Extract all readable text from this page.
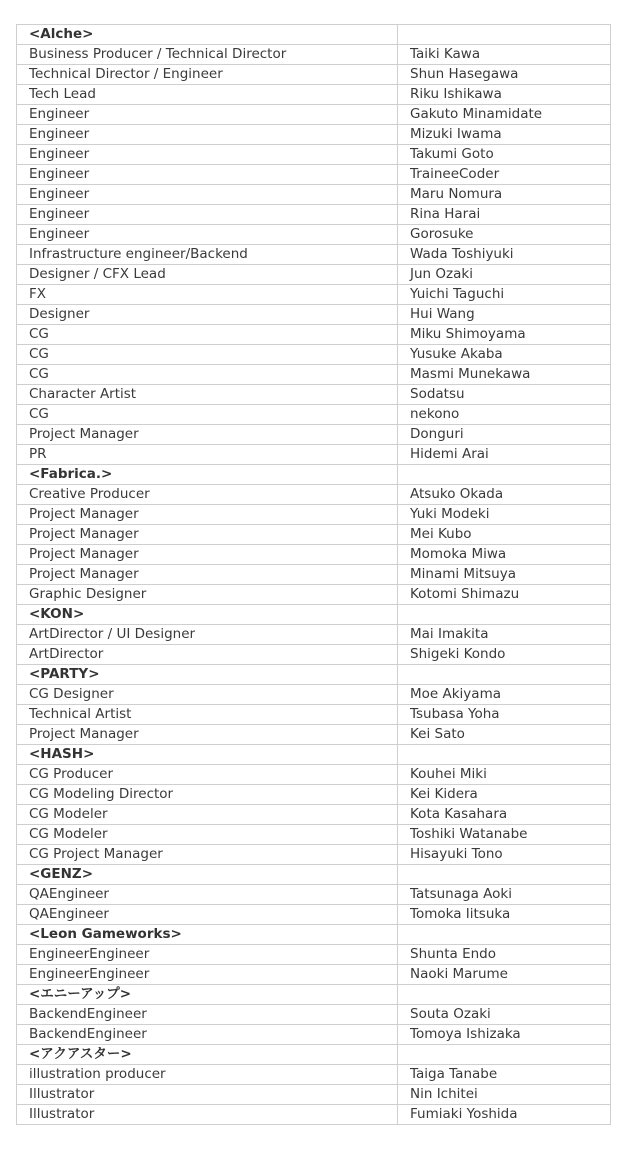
<Alche>	
Business Producer / Technical Director	Taiki Kawa
Technical Director / Engineer	Shun Hasegawa
Tech Lead	Riku Ishikawa
Engineer	Gakuto Minamidate
Engineer	Mizuki Iwama
Engineer	Takumi Goto
Engineer	TraineeCoder
Engineer	Maru Nomura
Engineer	Rina Harai
Engineer	Gorosuke
Infrastructure engineer/Backend	Wada Toshiyuki
Designer / CFX Lead	Jun Ozaki
FX	Yuichi Taguchi
Designer	Hui Wang
CG	Miku Shimoyama
CG	Yusuke Akaba
CG	Masmi Munekawa
Character Artist	Sodatsu
CG	nekono
Project Manager	Donguri
PR	Hidemi Arai
<Fabrica.>	
Creative Producer	Atsuko Okada
Project Manager	Yuki Modeki
Project Manager	Mei Kubo
Project Manager	Momoka Miwa
Project Manager	Minami Mitsuya
Graphic Designer	Kotomi Shimazu
<KON>	
ArtDirector / UI Designer	Mai Imakita
ArtDirector	Shigeki Kondo
<PARTY>	
CG Designer	Moe Akiyama
Technical Artist	Tsubasa Yoha
Project Manager	Kei Sato
<HASH>	
CG Producer	Kouhei Miki
CG Modeling Director	Kei Kidera
CG Modeler	Kota Kasahara
CG Modeler	Toshiki Watanabe
CG Project Manager	Hisayuki Tono
<GENZ>	
QAEngineer	Tatsunaga Aoki
QAEngineer	Tomoka Iitsuka
<Leon Gameworks>	
EngineerEngineer	Shunta Endo
EngineerEngineer	Naoki Marume
<エニーアップ>	
BackendEngineer	Souta Ozaki
BackendEngineer	Tomoya Ishizaka
<アクアスター>	
illustration producer	Taiga Tanabe
Illustrator	Nin Ichitei
Illustrator	Fumiaki Yoshida
